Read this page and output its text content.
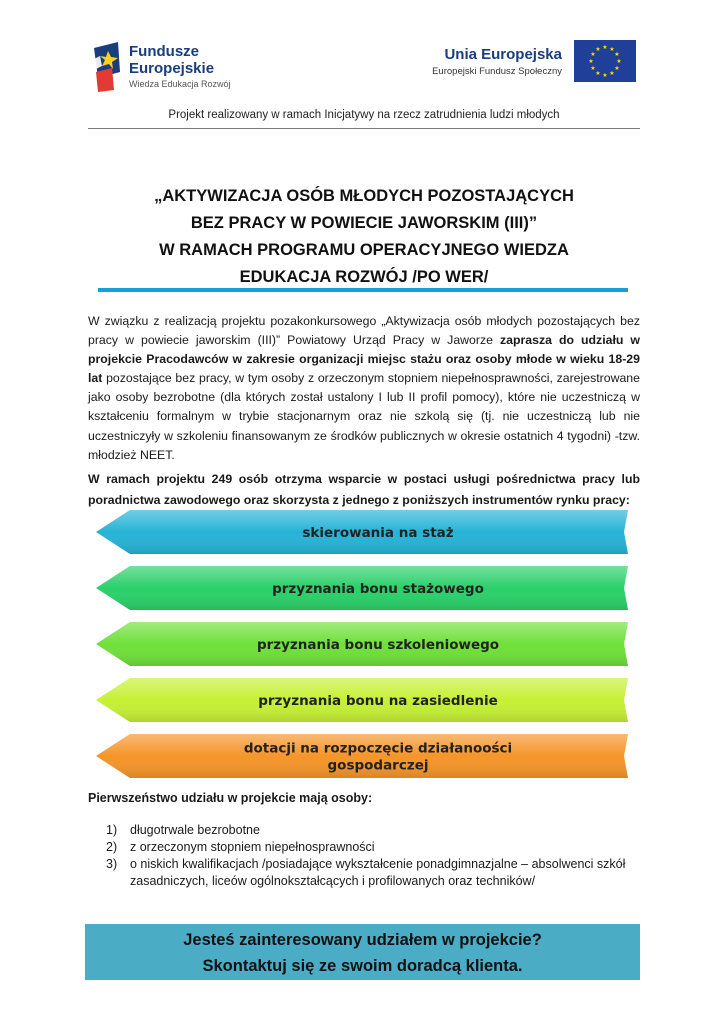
Fundusze
Europejskie
Wiedza Edukacja Rozwój
Unia Europejska
Europejski Fundusz Społeczny
★ ★
★
★
★
★
★
★
★
★
★
★
Projekt realizowany w ramach Inicjatywy na rzecz zatrudnienia ludzi młodych
„AKTYWIZACJA OSÓB MŁODYCH POZOSTAJĄCYCH
BEZ PRACY W POWIECIE JAWORSKIM (III)”
W RAMACH PROGRAMU OPERACYJNEGO WIEDZA
EDUKACJA ROZWÓJ /PO WER/
W związku z realizacją projektu pozakonkursowego „Aktywizacja osób młodych pozostających bez pracy w powiecie jaworskim (III)” Powiatowy Urząd Pracy w Jaworze zaprasza do udziału w projekcie Pracodawców w zakresie organizacji miejsc stażu oraz osoby młode w wieku 18-29 lat pozostające bez pracy, w tym osoby z orzeczonym stopniem niepełnosprawności, zarejestrowane jako osoby bezrobotne (dla których został ustalony I lub II profil pomocy), które nie uczestniczą w kształceniu formalnym w trybie stacjonarnym oraz nie szkolą się (tj. nie uczestniczą lub nie uczestniczyły w szkoleniu finansowanym ze środków publicznych w okresie ostatnich 4 tygodni) -tzw. młodzież NEET.
W ramach projektu 249 osób otrzyma wsparcie w postaci usługi pośrednictwa pracy lub poradnictwa zawodowego oraz skorzysta z jednego z poniższych instrumentów rynku pracy:
skierowania na staż
przyznania bonu stażowego
przyznania bonu szkoleniowego
przyznania bonu na zasiedlenie
dotacji na rozpoczęcie działanoości
gospodarczej
Pierwszeństwo udziału w projekcie mają osoby:
1) długotrwale bezrobotne
2) z orzeczonym stopniem niepełnosprawności
3) o niskich kwalifikacjach /posiadające wykształcenie ponadgimnazjalne – absolwenci szkół zasadniczych, liceów ogólnokształcących i profilowanych oraz techników/
Jesteś zainteresowany udziałem w projekcie?
Skontaktuj się ze swoim doradcą klienta.
